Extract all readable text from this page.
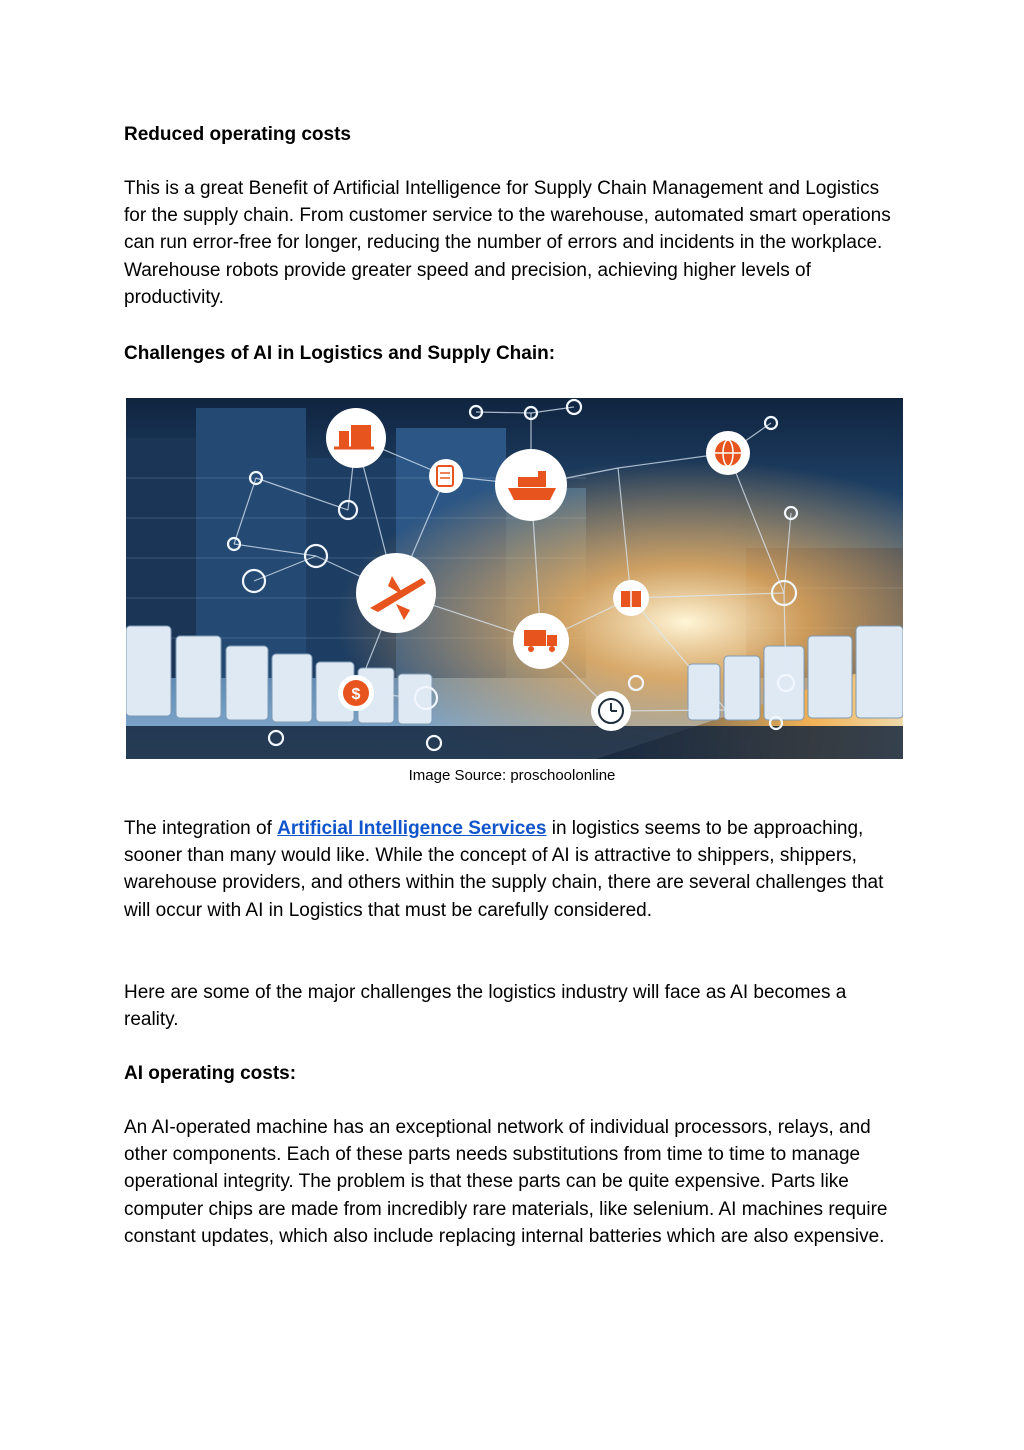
Reduced operating costs

This is a great Benefit of Artificial Intelligence for Supply Chain Management and Logistics for the supply chain. From customer service to the warehouse, automated smart operations can run error-free for longer, reducing the number of errors and incidents in the workplace. Warehouse robots provide greater speed and precision, achieving higher levels of productivity.

Challenges of AI in Logistics and Supply Chain:
$
Image Source: proschoolonline

The integration of Artificial Intelligence Services in logistics seems to be approaching, sooner than many would like. While the concept of AI is attractive to shippers, shippers, warehouse providers, and others within the supply chain, there are several challenges that will occur with AI in Logistics that must be carefully considered.

Here are some of the major challenges the logistics industry will face as AI becomes a reality.

AI operating costs:

An AI-operated machine has an exceptional network of individual processors, relays, and other components. Each of these parts needs substitutions from time to time to manage operational integrity. The problem is that these parts can be quite expensive. Parts like computer chips are made from incredibly rare materials, like selenium. AI machines require constant updates, which also include replacing internal batteries which are also expensive.
